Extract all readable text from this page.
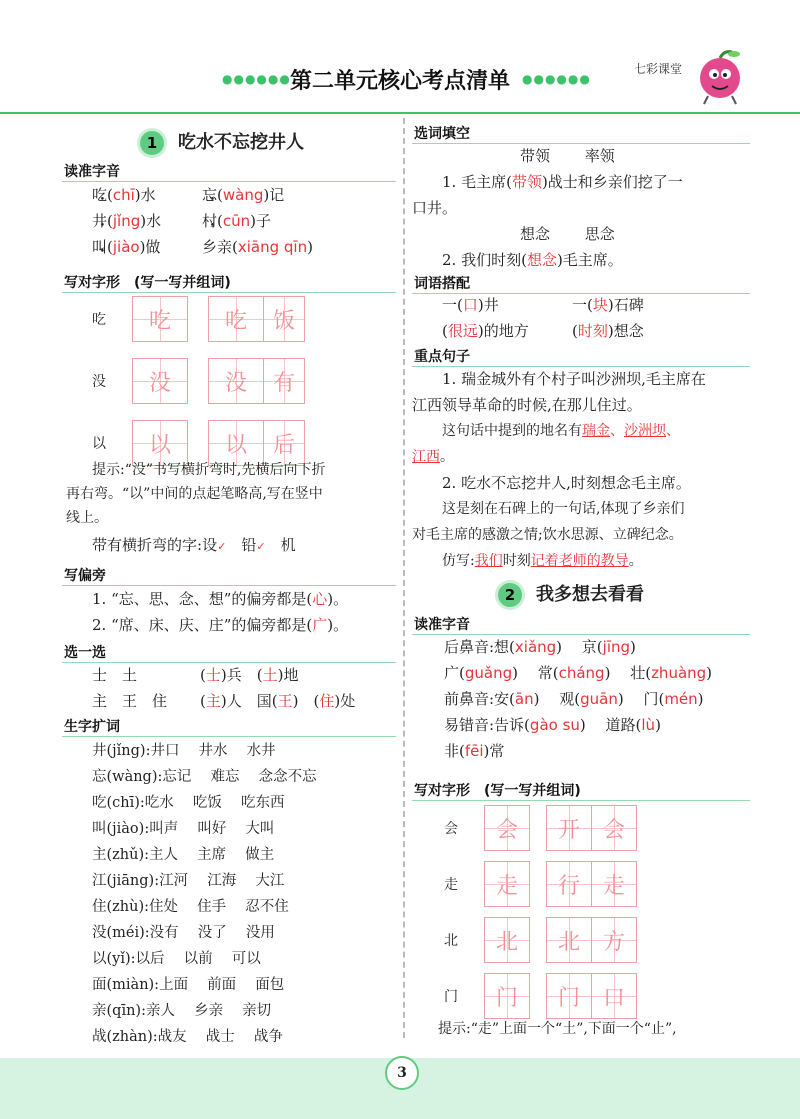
●●●●●● 第二单元核心考点清单 ●●●●●●
七彩课堂
1 吃水不忘挖井人
读准字音
吃( •chī)水	忘( •wàng)记
井( •jǐng)水	村( •cūn)子
叫( •jiào)做	乡亲(xiāng qīn)
写对字形　(写一写并组词)
吃	吃 吃 饭
没	没 没 有
以	以 以 后
提示:“没”书写横折弯时,先横后向下折
再右弯。“以”中间的点起笔略高,写在竖中
线上。
带有横折弯的字:设✓　 铅✓　 机
写偏旁
1. “忘、思、念、想”的偏旁都是(心)。
2. “席、床、庆、庄”的偏旁都是(广)。
选一选
士　土	(士)兵　(土)地
主　王　住 (主)人　国(王)　(住)处
生字扩词
井(jǐng):井口　 井水　 水井
忘(wàng):忘记　 难忘　 念念不忘
吃(chī):吃水　 吃饭　 吃东西
叫(jiào):叫声　 叫好　 大叫
主(zhǔ):主人　 主席　 做主
江(jiāng):江河　 江海　 大江
住(zhù):住处　 住手　 忍不住
没(méi):没有　 没了　 没用
以(yǐ):以后　 以前　 可以
面(miàn):上面　 前面　 面包
亲(qīn):亲人　 乡亲　 亲切
战(zhàn):战友　 战士　 战争
选词填空
带领　　 率领
1. 毛主席(带领)战士和乡亲们挖了一
口井。
想念　　 思念
2. 我们时刻(想念)毛主席。
词语搭配
一(口)井	一(块)石碑
(很远)的地方	(时刻)想念
重点句子
1. 瑞金城外有个村子叫沙洲坝,毛主席在
江西领导革命的时候,在那儿住过。
这句话中提到的地名有瑞金、沙洲坝、
江西。
2. 吃水不忘挖井人,时刻想念毛主席。
这是刻在石碑上的一句话,体现了乡亲们
对毛主席的感激之情;饮水思源、立碑纪念。
仿写:我们时刻记着老师的教导。
2 我多想去看看
读准字音
后鼻音:想(xiǎng)　 京(jīng)
广(guǎng)　 常(cháng)　 壮(zhuàng)
前鼻音:安(ān)　 观(guān)　 门(mén)
易错音:告诉(gào su)　 道路(lù)
非(fēi)常
写对字形　(写一写并组词)
会	会 开 会
走	走 行 走
北	北 北 方
门	门 门 口
提示:“走”上面一个“土”,下面一个“止”,
3
